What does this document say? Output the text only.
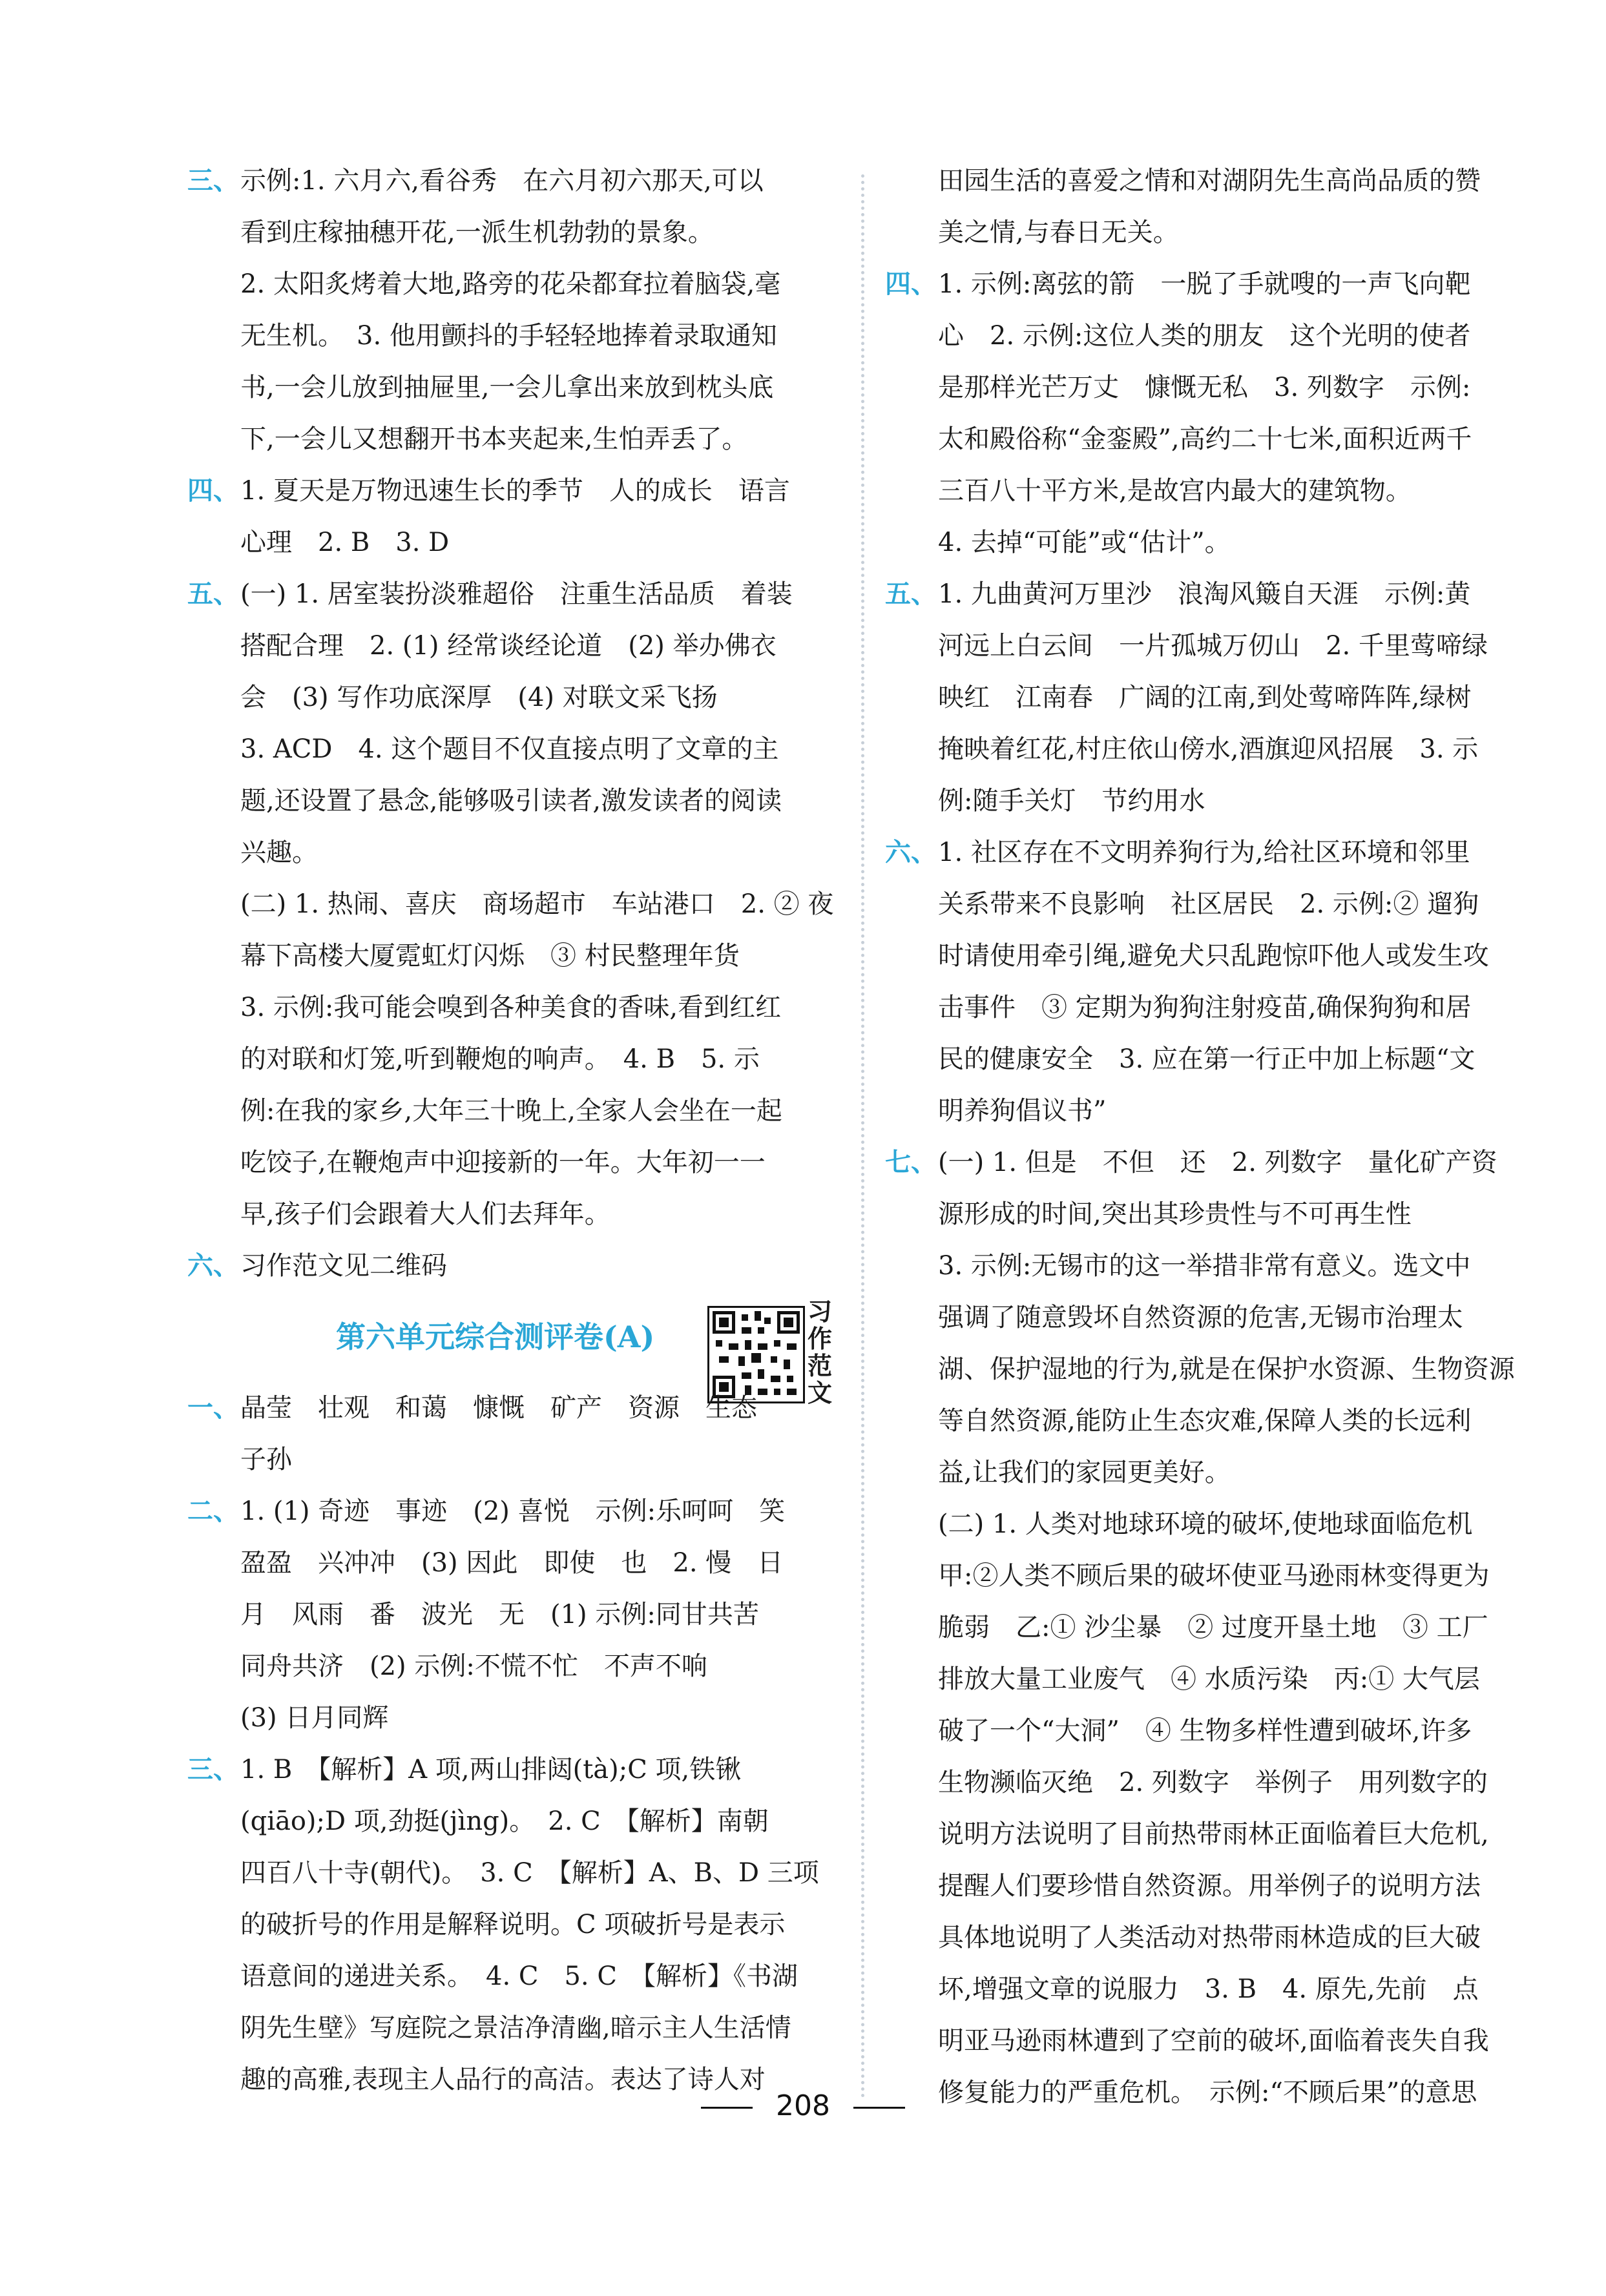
三、 示例:1. 六月六,看谷秀　在六月初六那天,可以
看到庄稼抽穗开花,一派生机勃勃的景象。
2. 太阳炙烤着大地,路旁的花朵都耷拉着脑袋,毫
无生机。　3. 他用颤抖的手轻轻地捧着录取通知
书,一会儿放到抽屉里,一会儿拿出来放到枕头底
下,一会儿又想翻开书本夹起来,生怕弄丢了。
四、 1. 夏天是万物迅速生长的季节　人的成长　语言
心理　2. B　3. D
五、 (一) 1. 居室装扮淡雅超俗　注重生活品质　着装
搭配合理　2. (1) 经常谈经论道　(2) 举办佛衣
会　(3) 写作功底深厚　(4) 对联文采飞扬
3. ACD　4. 这个题目不仅直接点明了文章的主
题,还设置了悬念,能够吸引读者,激发读者的阅读
兴趣。
(二) 1. 热闹、喜庆　商场超市　车站港口　2. ② 夜
幕下高楼大厦霓虹灯闪烁　③ 村民整理年货
3. 示例:我可能会嗅到各种美食的香味,看到红红
的对联和灯笼,听到鞭炮的响声。　4. B　5. 示
例:在我的家乡,大年三十晚上,全家人会坐在一起
吃饺子,在鞭炮声中迎接新的一年。大年初一一
早,孩子们会跟着大人们去拜年。
六、 习作范文见二维码
第六单元综合测评卷(A)
习作范文
一、 晶莹　壮观　和蔼　慷慨　矿产　资源　生态
子孙
二、 1. (1) 奇迹　事迹　(2) 喜悦　示例:乐呵呵　笑
盈盈　兴冲冲　(3) 因此　即使　也　2. 慢　日
月　风雨　番　波光　无　(1) 示例:同甘共苦
同舟共济　(2) 示例:不慌不忙　不声不响
(3) 日月同辉
三、 1. B　【解析】A 项,两山排闼(tà);C 项,铁锹
(qiāo);D 项,劲挺(jìng)。　2. C　【解析】南朝
四百八十寺(朝代)。　3. C　【解析】A、B、D 三项
的破折号的作用是解释说明。C 项破折号是表示
语意间的递进关系。　4. C　5. C　【解析】《书湖
阴先生壁》写庭院之景洁净清幽,暗示主人生活情
趣的高雅,表现主人品行的高洁。表达了诗人对
田园生活的喜爱之情和对湖阴先生高尚品质的赞
美之情,与春日无关。
四、 1. 示例:离弦的箭　一脱了手就嗖的一声飞向靶
心　2. 示例:这位人类的朋友　这个光明的使者
是那样光芒万丈　慷慨无私　3. 列数字　示例:
太和殿俗称“金銮殿”,高约二十七米,面积近两千
三百八十平方米,是故宫内最大的建筑物。
4. 去掉“可能”或“估计”。
五、 1. 九曲黄河万里沙　浪淘风簸自天涯　示例:黄
河远上白云间　一片孤城万仞山　2. 千里莺啼绿
映红　江南春　广阔的江南,到处莺啼阵阵,绿树
掩映着红花,村庄依山傍水,酒旗迎风招展　3. 示
例:随手关灯　节约用水
六、 1. 社区存在不文明养狗行为,给社区环境和邻里
关系带来不良影响　社区居民　2. 示例:② 遛狗
时请使用牵引绳,避免犬只乱跑惊吓他人或发生攻
击事件　③ 定期为狗狗注射疫苗,确保狗狗和居
民的健康安全　3. 应在第一行正中加上标题“文
明养狗倡议书”
七、 (一) 1. 但是　不但　还　2. 列数字　量化矿产资
源形成的时间,突出其珍贵性与不可再生性
3. 示例:无锡市的这一举措非常有意义。选文中
强调了随意毁坏自然资源的危害,无锡市治理太
湖、保护湿地的行为,就是在保护水资源、生物资源
等自然资源,能防止生态灾难,保障人类的长远利
益,让我们的家园更美好。
(二) 1. 人类对地球环境的破坏,使地球面临危机
甲:②人类不顾后果的破坏使亚马逊雨林变得更为
脆弱　乙:① 沙尘暴　② 过度开垦土地　③ 工厂
排放大量工业废气　④ 水质污染　丙:① 大气层
破了一个“大洞”　④ 生物多样性遭到破坏,许多
生物濒临灭绝　2. 列数字　举例子　用列数字的
说明方法说明了目前热带雨林正面临着巨大危机,
提醒人们要珍惜自然资源。用举例子的说明方法
具体地说明了人类活动对热带雨林造成的巨大破
坏,增强文章的说服力　3. B　4. 原先,先前　点
明亚马逊雨林遭到了空前的破坏,面临着丧失自我
修复能力的严重危机。　示例:“不顾后果”的意思
208
